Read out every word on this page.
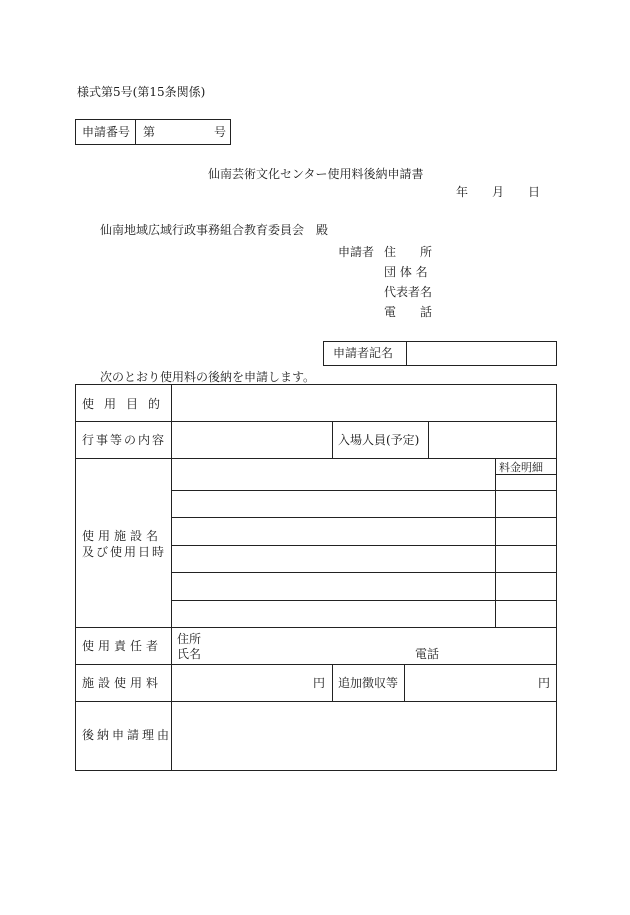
様式第5号(第15条関係)
申請番号 第	号
仙南芸術文化センター使用料後納申請書
年 月 日
仙南地域広域行政事務組合教育委員会　殿
申請者 住　　所
団 体 名
代表者名
電　　話
申請者記名
次のとおり使用料の後納を申請します。
使用目的
行事等の内容	入場人員(予定)
使用施設名
及び使用日時
料金明細
使用責任者 住所
氏名	電話
施設使用料	円 追加徴収等	円
後納申請理由
